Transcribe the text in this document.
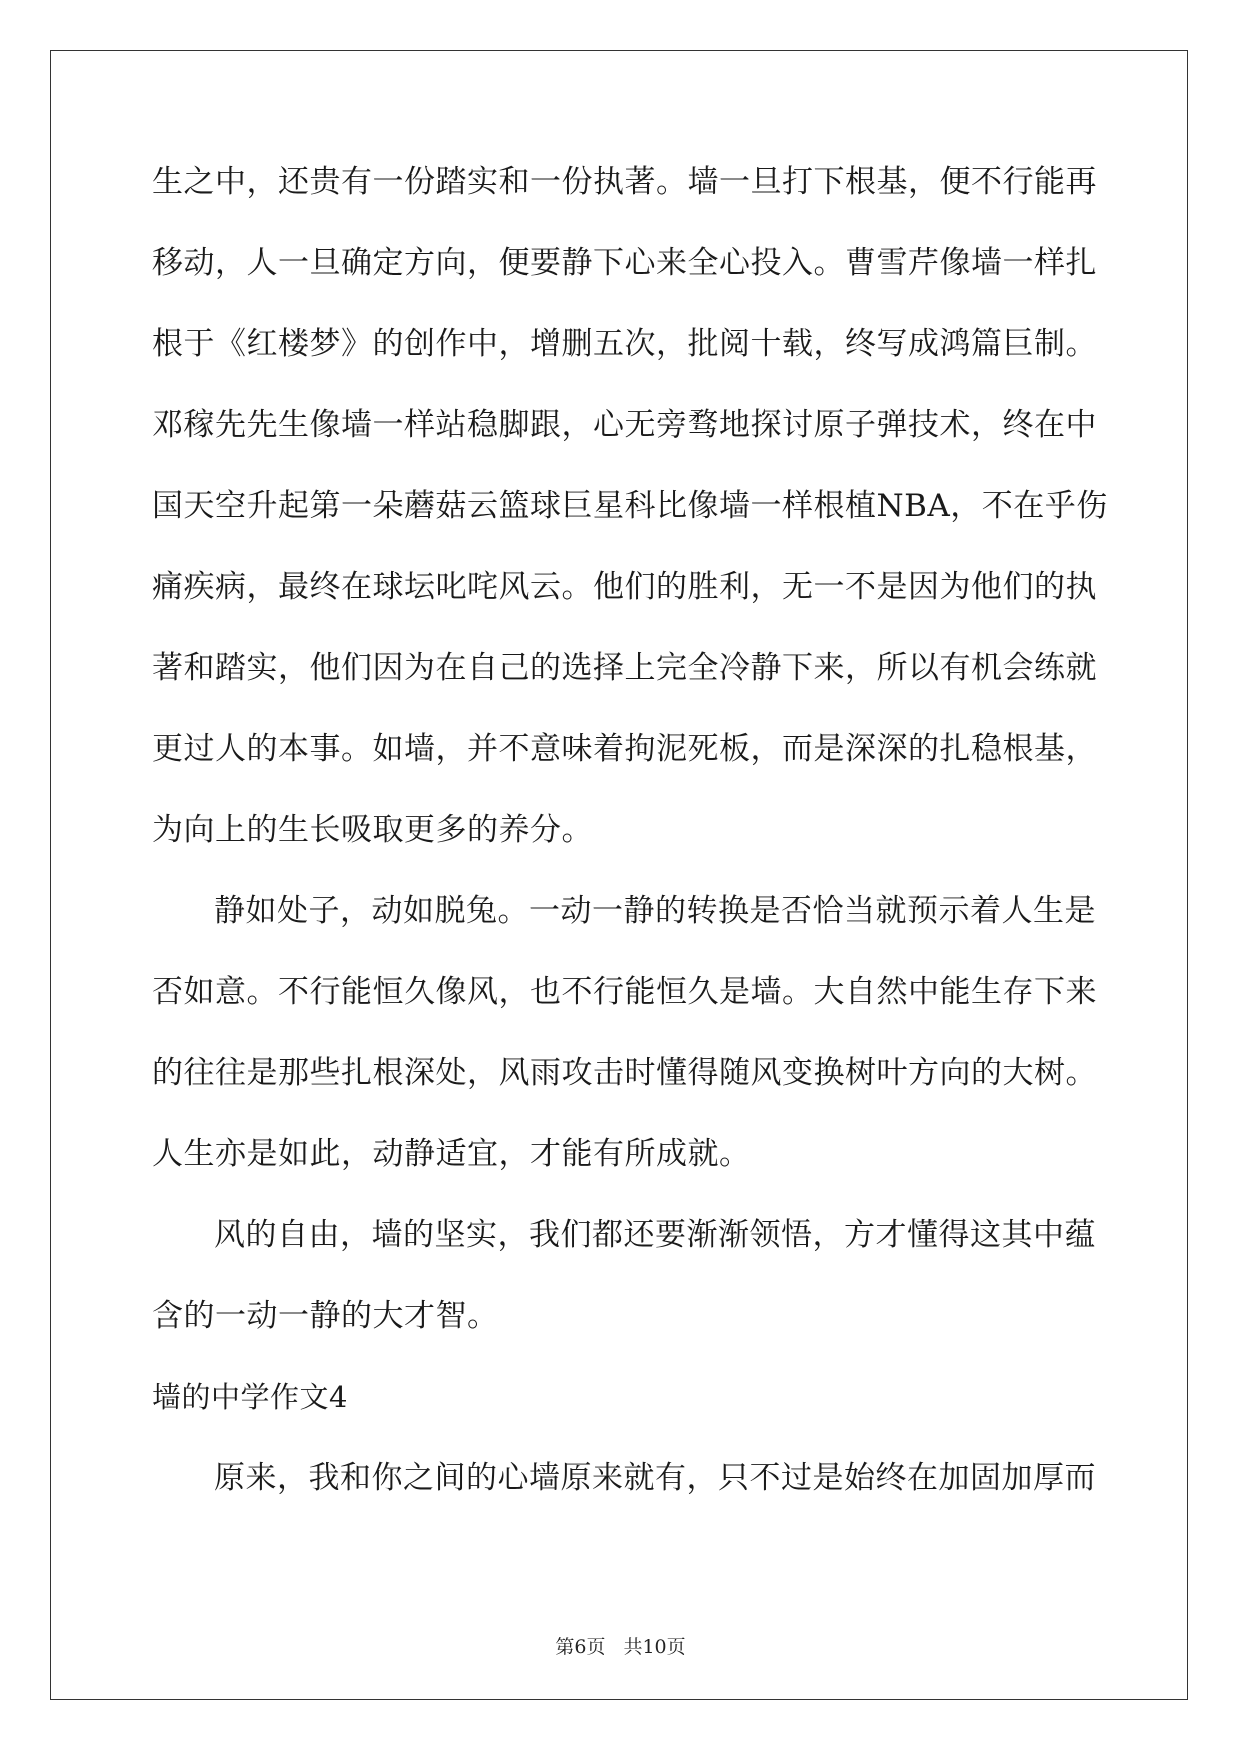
生之中，还贵有一份踏实和一份执著。墙一旦打下根基，便不行能再
移动，人一旦确定方向，便要静下心来全心投入。曹雪芹像墙一样扎
根于《红楼梦》的创作中，增删五次，批阅十载，终写成鸿篇巨制。
邓稼先先生像墙一样站稳脚跟，心无旁骛地探讨原子弹技术，终在中
国天空升起第一朵蘑菇云篮球巨星科比像墙一样根植NBA，不在乎伤
痛疾病，最终在球坛叱咤风云。他们的胜利，无一不是因为他们的执
著和踏实，他们因为在自己的选择上完全冷静下来，所以有机会练就
更过人的本事。如墙，并不意味着拘泥死板，而是深深的扎稳根基，
为向上的生长吸取更多的养分。
静如处子，动如脱兔。一动一静的转换是否恰当就预示着人生是
否如意。不行能恒久像风，也不行能恒久是墙。大自然中能生存下来
的往往是那些扎根深处，风雨攻击时懂得随风变换树叶方向的大树。
人生亦是如此，动静适宜，才能有所成就。
风的自由，墙的坚实，我们都还要渐渐领悟，方才懂得这其中蕴
含的一动一静的大才智。
墙的中学作文4
原来，我和你之间的心墙原来就有，只不过是始终在加固加厚而
第6页 共10页
